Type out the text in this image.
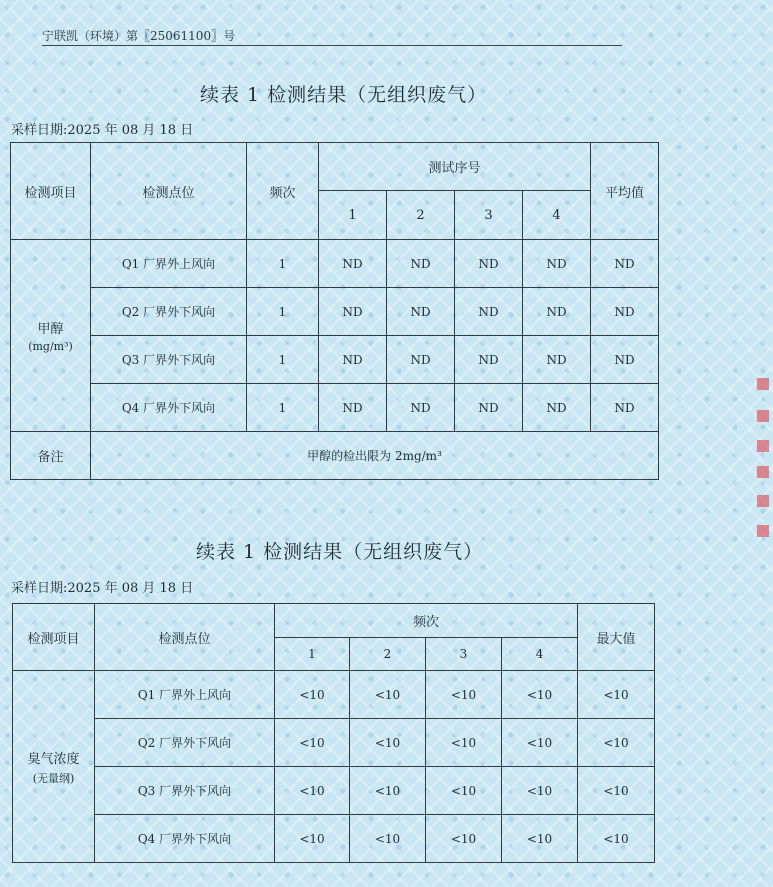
宁联凯（环境）第〖25061100〗号
续表 1 检测结果（无组织废气）
采样日期:2025 年 08 月 18 日
检测项目	检测点位	频次	测试序号				平均值
			1	2	3	4	
甲醇
(mg/m³)	Q1 厂界外上风向	1	ND	ND	ND	ND	ND
	Q2 厂界外下风向	1	ND	ND	ND	ND	ND
	Q3 厂界外下风向	1	ND	ND	ND	ND	ND
	Q4 厂界外下风向	1	ND	ND	ND	ND	ND
备注	甲醇的检出限为 2mg/m³						
续表 1 检测结果（无组织废气）
采样日期:2025 年 08 月 18 日
检测项目	检测点位	频次				最大值
		1	2	3	4	
臭气浓度
(无量纲)	Q1 厂界外上风向	<10	<10	<10	<10	<10
	Q2 厂界外下风向	<10	<10	<10	<10	<10
	Q3 厂界外下风向	<10	<10	<10	<10	<10
	Q4 厂界外下风向	<10	<10	<10	<10	<10
